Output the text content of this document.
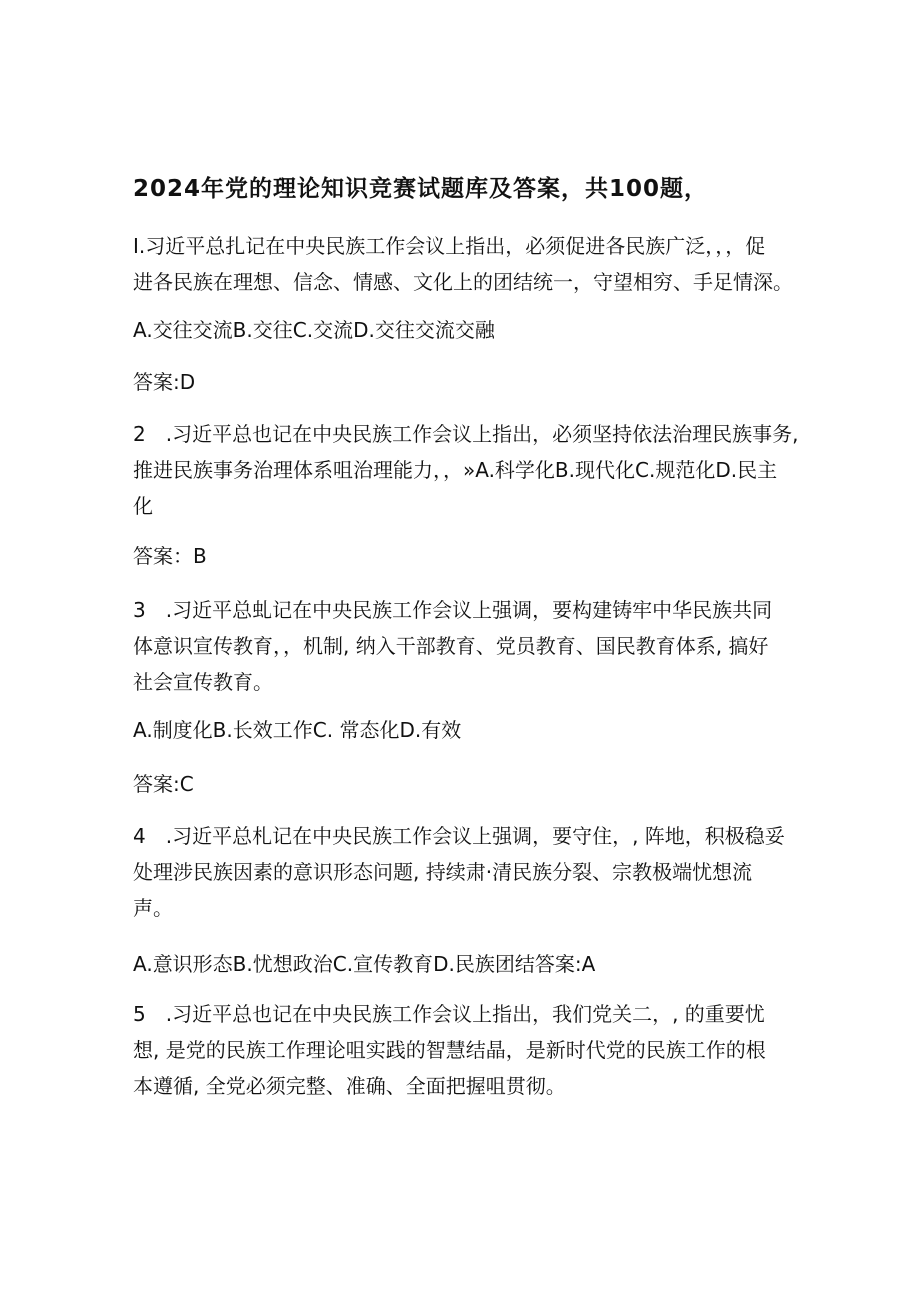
2024年党的理论知识竞赛试题库及答案，共100题，
I.习近平总扎记在中央民族工作会议上指出，必须促进各民族广泛，，，促
进各民族在理想、信念、情感、文化上的团结统一，守望相穷、手足情深。
A.交往交流B.交往C.交流D.交往交流交融
答案:D
2　.习近平总也记在中央民族工作会议上指出，必须坚持依法治理民族事务,
推进民族事务治理体系咀治理能力，，»A.科学化B.现代化C.规范化D.民主
化
答案：B
3　.习近平总虬记在中央民族工作会议上强调，要构建铸牢中华民族共同
体意识宣传教育，，机制, 纳入干部教育、党员教育、国民教育体系, 搞好
社会宣传教育。
A.制度化B.长效工作C. 常态化D.有效
答案:C
4　.习近平总札记在中央民族工作会议上强调，要守住，, 阵地，积极稳妥
处理涉民族因素的意识形态问题, 持续肃·清民族分裂、宗教极端忧想流
声。
A.意识形态B.忧想政治C.宣传教育D.民族团结答案:A
5　.习近平总也记在中央民族工作会议上指出，我们党关二，, 的重要忧
想, 是党的民族工作理论咀实践的智慧结晶，是新时代党的民族工作的根
本遵循, 全党必须完整、准确、全面把握咀贯彻。
